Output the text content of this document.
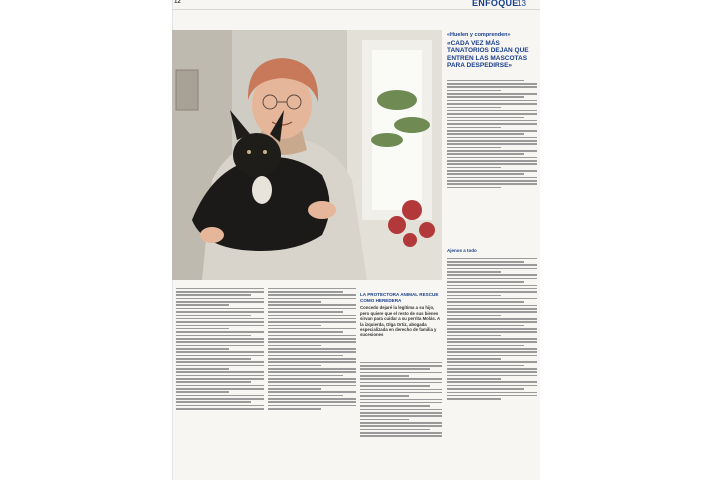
12	ENFOQUE
13
«Huelen y comprenden»
«CADA VEZ MÁS TANATORIOS DEJAN QUE ENTREN LAS MASCOTAS PARA DESPEDIRSE»
Ajenos a todo
LA PROTECTORA ANIMAL RESCUE COMO HEREDERA
Concedo dejaré la legítima a su hijo, pero quiere que el resto de sus bienes sirvan para cuidar a su perrita Molás. A la izquierda, Olga Ortiz, abogada especializada en derecho de familia y sucesiones
